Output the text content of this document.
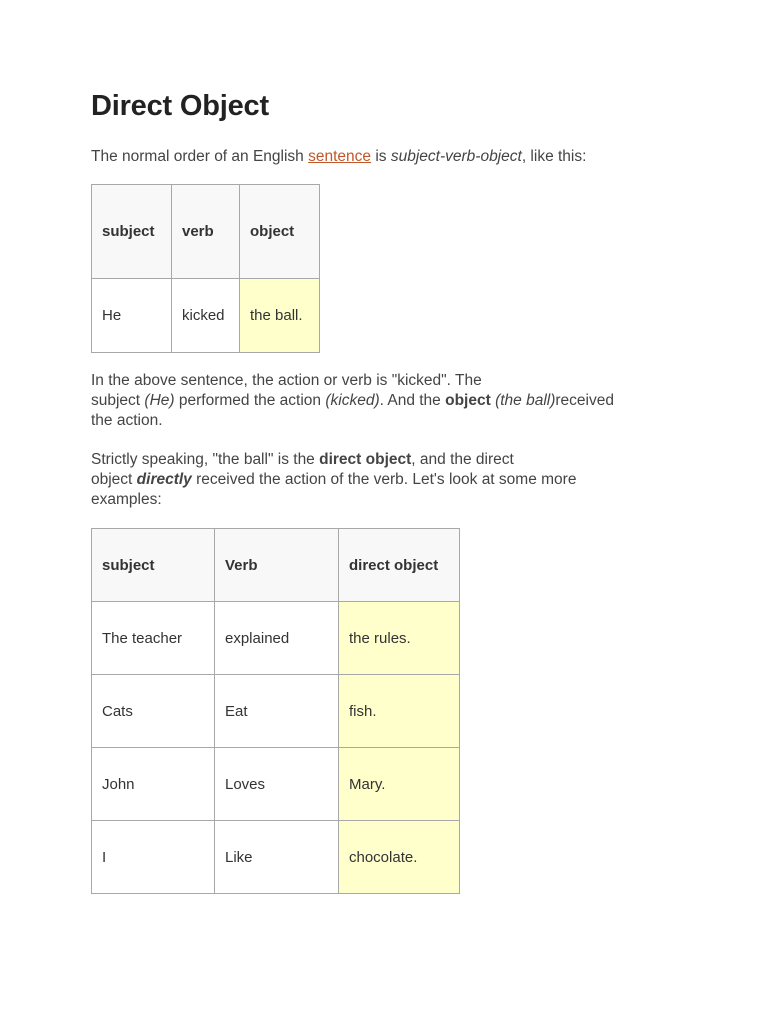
Direct Object

The normal order of an English sentence is subject-verb-object, like this:

subject	verb	object
He	kicked	the ball.

In the above sentence, the action or verb is "kicked". The
subject (He) performed the action (kicked). And the object (the ball)received
the action.

Strictly speaking, "the ball" is the direct object, and the direct
object directly received the action of the verb. Let's look at some more
examples:

subject	Verb	direct object
The teacher	explained	the rules.
Cats	Eat	fish.
John	Loves	Mary.
I	Like	chocolate.
